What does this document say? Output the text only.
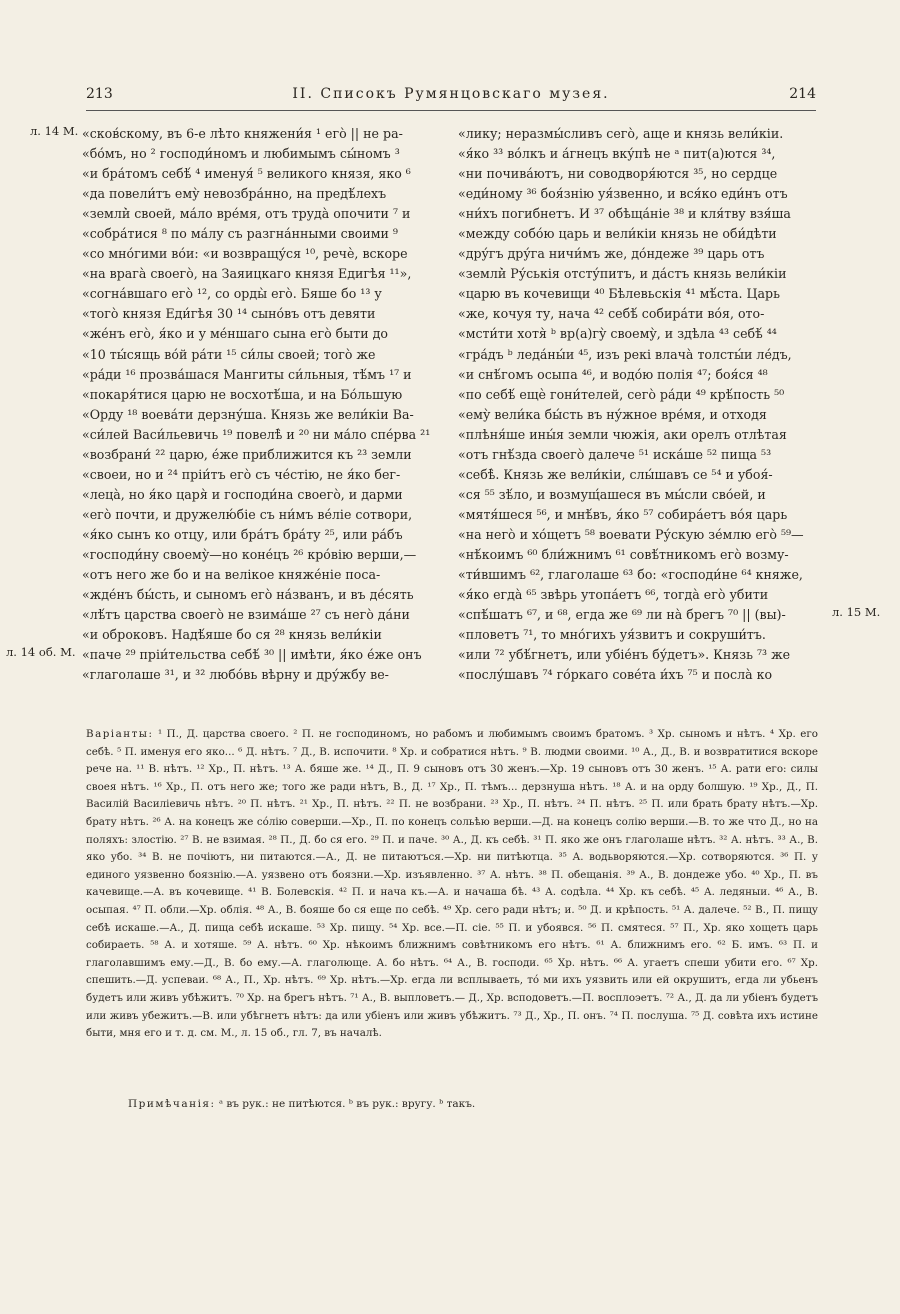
213	II. Списокъ Румянцовскаго музея.	214
л. 14 М.
л. 14 об. М.
л. 15 М.
«сков́скому, въ 6-е лѣто княжени́я ¹ его̀ || не ра-
«бо́мъ, но ² господи́номъ и любимымъ сы́номъ ³
«и бра́томъ себѣ́ ⁴ именуя́ ⁵ великого князя, яко ⁶
«да повели́тъ ему̀ невозбра́нно, на предѣ́лехъ
«земли̇̀ своей, ма́ло вре́мя, отъ труда̀ опочити ⁷ и
«собра́тися ⁸ по ма́лу съ разгна́нными своими ⁹
«со мно́гими во́и: «и возвращу́ся ¹⁰, речѐ, вскоре
«на врага̀ своего̀, на Заяицкаго князя Едигѣя ¹¹»,
«согна́вшаго его̀ ¹², со орды̀ его̀. Бяше бо ¹³ у
«того̀ князя Еди́гѣя 30 ¹⁴ сыно́въ отъ девяти
«же́нъ его̀, я́ко и у ме́ншаго сына его̀ быти до
«10 ты́сящь во́й ра́ти ¹⁵ си́лы своей; того̀ же
«ра́ди ¹⁶ прозва́шася Мангиты си́льныя, тѣ́мъ ¹⁷ и
«покаря́тися царю не восхотѣ́ша, и на Бо́льшую
«Орду ¹⁸ воева́ти дерзну́ша. Князь же вели́кіи Ва-
«си́лей Васи́льевичь ¹⁹ повелѣ̀ и ²⁰ ни ма́ло спе́рва ²¹
«возбрани́ ²² царю, е́же приближится къ ²³ земли
«своеи, но и ²⁴ пріи́тъ его̀ съ че́стію, не я́ко бег-
«леца̀, но я́ко царя̀ и господи́на своего̀, и дарми
«его̀ почти, и дружелю́біе съ ни́мъ ве́лie сотвори,
«я́ко сынъ ко отцу, или бра́тъ бра́ту ²⁵, или ра́бъ
«господи́ну своему̀—но коне́цъ ²⁶ кро́вію верши,—
«отъ него же бо и на велікое княже́ніе поса-
«жде́нъ бы́сть, и сыномъ его̀ на́званъ, и въ де́сять
«лѣ́тъ царства своего̀ не взима́ше ²⁷ съ него̀ да́ни
«и оброковъ. Надѣ́яше бо ся ²⁸ князь вели́кіи
«паче ²⁹ пріи́тельства себѣ́ ³⁰ || имѣти, я́ко е́же онъ
«глаголаше ³¹, и ³² любо́вь вѣрну и дру́жбу ве-
«лику; неразмы́сливъ сего̀, аще и князь вели́кіи.
«я́ко ³³ во́лкъ и а́гнецъ вку́пѣ не ᵃ пит(а)ются ³⁴,
«ни почива́ютъ, ни соводворя́ются ³⁵, но сердце
«еди́ному ³⁶ боя́знію уя́звенно, и вся́ко еди́нъ отъ
«ни́хъ погибнетъ. И ³⁷ обѣща́ніе ³⁸ и кля́тву взя́ша
«между собо́ю царь и вели́кіи князь не оби́дѣти
«дру́гъ дру́га ничи́мъ же, до́ндеже ³⁹ царь отъ
«земли̇̀ Ру́ськія отсту́питъ, и да́стъ князь вели́кіи
«царю въ кочевищи ⁴⁰ Бѣлевьскія ⁴¹ мѣ́ста. Царь
«же, кочуя ту, нача ⁴² себѣ́ собира́ти во́я, ото-
«мсти́ти хотя̀ ᵇ вр(а)гу̀ своему̀, и здѣла ⁴³ себѣ́ ⁴⁴
«гра́дъ ᵇ леда́ны́и ⁴⁵, изъ рекі влача̀ толсты́и ле́дъ,
«и снѣ́гомъ осыпа ⁴⁶, и водо́ю полія ⁴⁷; боя́ся ⁴⁸
«по себѣ́ ещѐ гони́телей, сего̀ ра́ди ⁴⁹ крѣ́пость ⁵⁰
«ему̀ вели́ка бы́сть въ ну́жное вре́мя, и отходя
«плѣня́ше ины́я земли чюжія, аки орелъ отлѣтая
«отъ гнѣ́зда своего̀ далече ⁵¹ иска́ше ⁵² пища ⁵³
«себѣ̀. Князь же вели́кіи, слы́шавъ се ⁵⁴ и убоя́-
«ся ⁵⁵ зѣ́ло, и возмущ́ашеся въ мы́сли сво́ей, и
«мятя́шеся ⁵⁶, и мнѣ́въ, я́ко ⁵⁷ собира́етъ во́я царь
«на него̀ и хо́щетъ ⁵⁸ воевати Ру́скую зе́млю его̀ ⁵⁹—
«нѣ́коимъ ⁶⁰ бли́жнимъ ⁶¹ совѣ́тникомъ его̀ возму-
«ти́вшимъ ⁶², глаголаше ⁶³ бо: «господи́не ⁶⁴ княже,
«я́ко егда̀ ⁶⁵ звѣрь утопа́етъ ⁶⁶, тогда̀ его̀ убити
«спѣ́шатъ ⁶⁷, и ⁶⁸, егда же ⁶⁹ ли на̀ брегъ ⁷⁰ || (вы)-
«пловетъ ⁷¹, то мно́гихъ уя́звитъ и сокруши́тъ.
«или ⁷² убѣ́гнетъ, или убіе́нъ бу́детъ». Князь ⁷³ же
«послу́шавъ ⁷⁴ го́ркаго сове́та и́хъ ⁷⁵ и посла̀ ко
Варіанты: ¹ П., Д. царства своего. ² П. не господиномъ, но рабомъ и любимымъ своимъ братомъ. ³ Хр. сыномъ и нѣтъ. ⁴ Хр. его себѣ. ⁵ П. именуя его яко... ⁶ Д. нѣтъ. ⁷ Д., В. испочити. ⁸ Хр. и собратися нѣтъ. ⁹ В. людми своими. ¹⁰ А., Д., В. и возвратитися вскоре рече на. ¹¹ В. нѣтъ. ¹² Хр., П. нѣтъ. ¹³ А. бяше же. ¹⁴ Д., П. 9 сыновъ отъ 30 женъ.—Хр. 19 сыновъ отъ 30 женъ. ¹⁵ А. рати его: силы своея нѣтъ. ¹⁶ Хр., П. отъ него же; того же ради нѣтъ, В., Д. ¹⁷ Хр., П. тѣмъ... дерзнуша нѣтъ. ¹⁸ А. и на орду болшую. ¹⁹ Хр., Д., П. Василій Василіевичь нѣтъ. ²⁰ П. нѣтъ. ²¹ Хр., П. нѣтъ. ²² П. не возбрани. ²³ Хр., П. нѣтъ. ²⁴ П. нѣтъ. ²⁵ П. или брать брату нѣтъ.—Хр. брату нѣтъ. ²⁶ А. на конецъ же со́лію соверши.—Хр., П. по конецъ сольѣю верши.—Д. на конецъ солію верши.—В. то же что Д., но на поляхъ: злостію. ²⁷ В. не взимая. ²⁸ П., Д. бо ся его. ²⁹ П. и паче. ³⁰ А., Д. къ себѣ. ³¹ П. яко же онъ глаголаше нѣтъ. ³² А. нѣтъ. ³³ А., В. яко убо. ³⁴ В. не почіютъ, ни питаются.—А., Д. не питаютъся.—Хр. ни питѣютца. ³⁵ А. водьворяются.—Хр. сотворяются. ³⁶ П. у единого уязвенно боязнію.—А. уязвено отъ боязни.—Хр. изъявленно. ³⁷ А. нѣтъ. ³⁸ П. обещанія. ³⁹ А., В. дондеже убо. ⁴⁰ Хр., П. въ качевище.—А. въ кочевище. ⁴¹ В. Болевскія. ⁴² П. и нача къ.—А. и начаша бѣ. ⁴³ А. содѣла. ⁴⁴ Хр. къ себѣ. ⁴⁵ А. ледяныи. ⁴⁶ А., В. осыпая. ⁴⁷ П. обли.—Хр. облія. ⁴⁸ А., В. бояше бо ся еще по себѣ. ⁴⁹ Хр. сего ради нѣтъ; и. ⁵⁰ Д. и крѣпость. ⁵¹ А. далече. ⁵² В., П. пищу себѣ искаше.—А., Д. пища себѣ искаше. ⁵³ Хр. пищу. ⁵⁴ Хр. все.—П. сіе. ⁵⁵ П. и убоявся. ⁵⁶ П. смятеся. ⁵⁷ П., Хр. яко хощеть царь собираеть. ⁵⁸ А. и хотяше. ⁵⁹ А. нѣтъ. ⁶⁰ Хр. нѣкоимъ ближнимъ совѣтникомъ его нѣтъ. ⁶¹ А. ближнимъ его. ⁶² Б. имъ. ⁶³ П. и глаголавшимъ ему.—Д., В. бо ему.—А. глаголюще. А. бо нѣтъ. ⁶⁴ А., В. господи. ⁶⁵ Хр. нѣтъ. ⁶⁶ А. угаетъ спеши убити его. ⁶⁷ Хр. спешить.—Д. успеваи. ⁶⁸ А., П., Хр. нѣтъ. ⁶⁹ Хр. нѣтъ.—Хр. егда ли всплываеть, то́ ми ихъ уязвить или ей окрушитъ, егда ли убьенъ будетъ или живъ убѣжитъ. ⁷⁰ Хр. на брегъ нѣтъ. ⁷¹ А., В. выпловетъ.— Д., Хр. всподоветъ.—П. восплоэетъ. ⁷² А., Д. да ли убіенъ будетъ или живъ убежитъ.—В. или убѣгнетъ нѣтъ: да или убіенъ или живъ убѣжитъ. ⁷³ Д., Хр., П. онъ. ⁷⁴ П. послуша. ⁷⁵ Д. совѣта ихъ истине быти, мня его и т. д. см. М., л. 15 об., гл. 7, въ началѣ.
Примѣчанія: ᵃ въ рук.: не питѣются. ᵇ въ рук.: вругу. ᵇ такъ.
